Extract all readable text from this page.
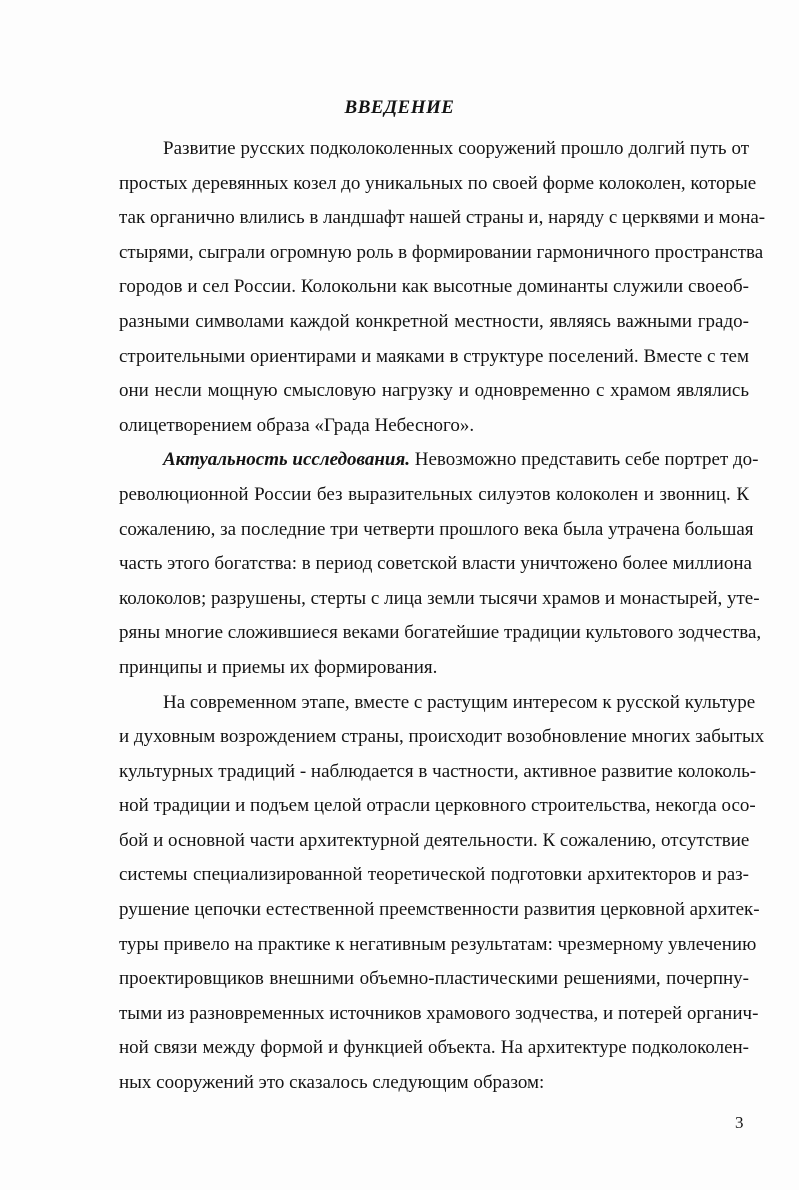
ВВЕДЕНИЕ
Развитие русских подколоколенных сооружений прошло долгий путь от
простых деревянных козел до уникальных по своей форме колоколен, которые
так органично влились в ландшафт нашей страны и, наряду с церквями и мона-
стырями, сыграли огромную роль в формировании гармоничного пространства
городов и сел России. Колокольни как высотные доминанты служили своеоб-
разными символами каждой конкретной местности, являясь важными градо-
строительными ориентирами и маяками в структуре поселений. Вместе с тем
они несли мощную смысловую нагрузку и одновременно с храмом являлись
олицетворением образа «Града Небесного».
Актуальность исследования. Невозможно представить себе портрет до-
революционной России без выразительных силуэтов колоколен и звонниц. К
сожалению, за последние три четверти прошлого века была утрачена большая
часть этого богатства: в период советской власти уничтожено более миллиона
колоколов; разрушены, стерты с лица земли тысячи храмов и монастырей, уте-
ряны многие сложившиеся веками богатейшие традиции культового зодчества,
принципы и приемы их формирования.
На современном этапе, вместе с растущим интересом к русской культуре
и духовным возрождением страны, происходит возобновление многих забытых
культурных традиций - наблюдается в частности, активное развитие колоколь-
ной традиции и подъем целой отрасли церковного строительства, некогда осо-
бой и основной части архитектурной деятельности. К сожалению, отсутствие
системы специализированной теоретической подготовки архитекторов и раз-
рушение цепочки естественной преемственности развития церковной архитек-
туры привело на практике к негативным результатам: чрезмерному увлечению
проектировщиков внешними объемно-пластическими решениями, почерпну-
тыми из разновременных источников храмового зодчества, и потерей органич-
ной связи между формой и функцией объекта. На архитектуре подколоколен-
ных сооружений это сказалось следующим образом:
3
